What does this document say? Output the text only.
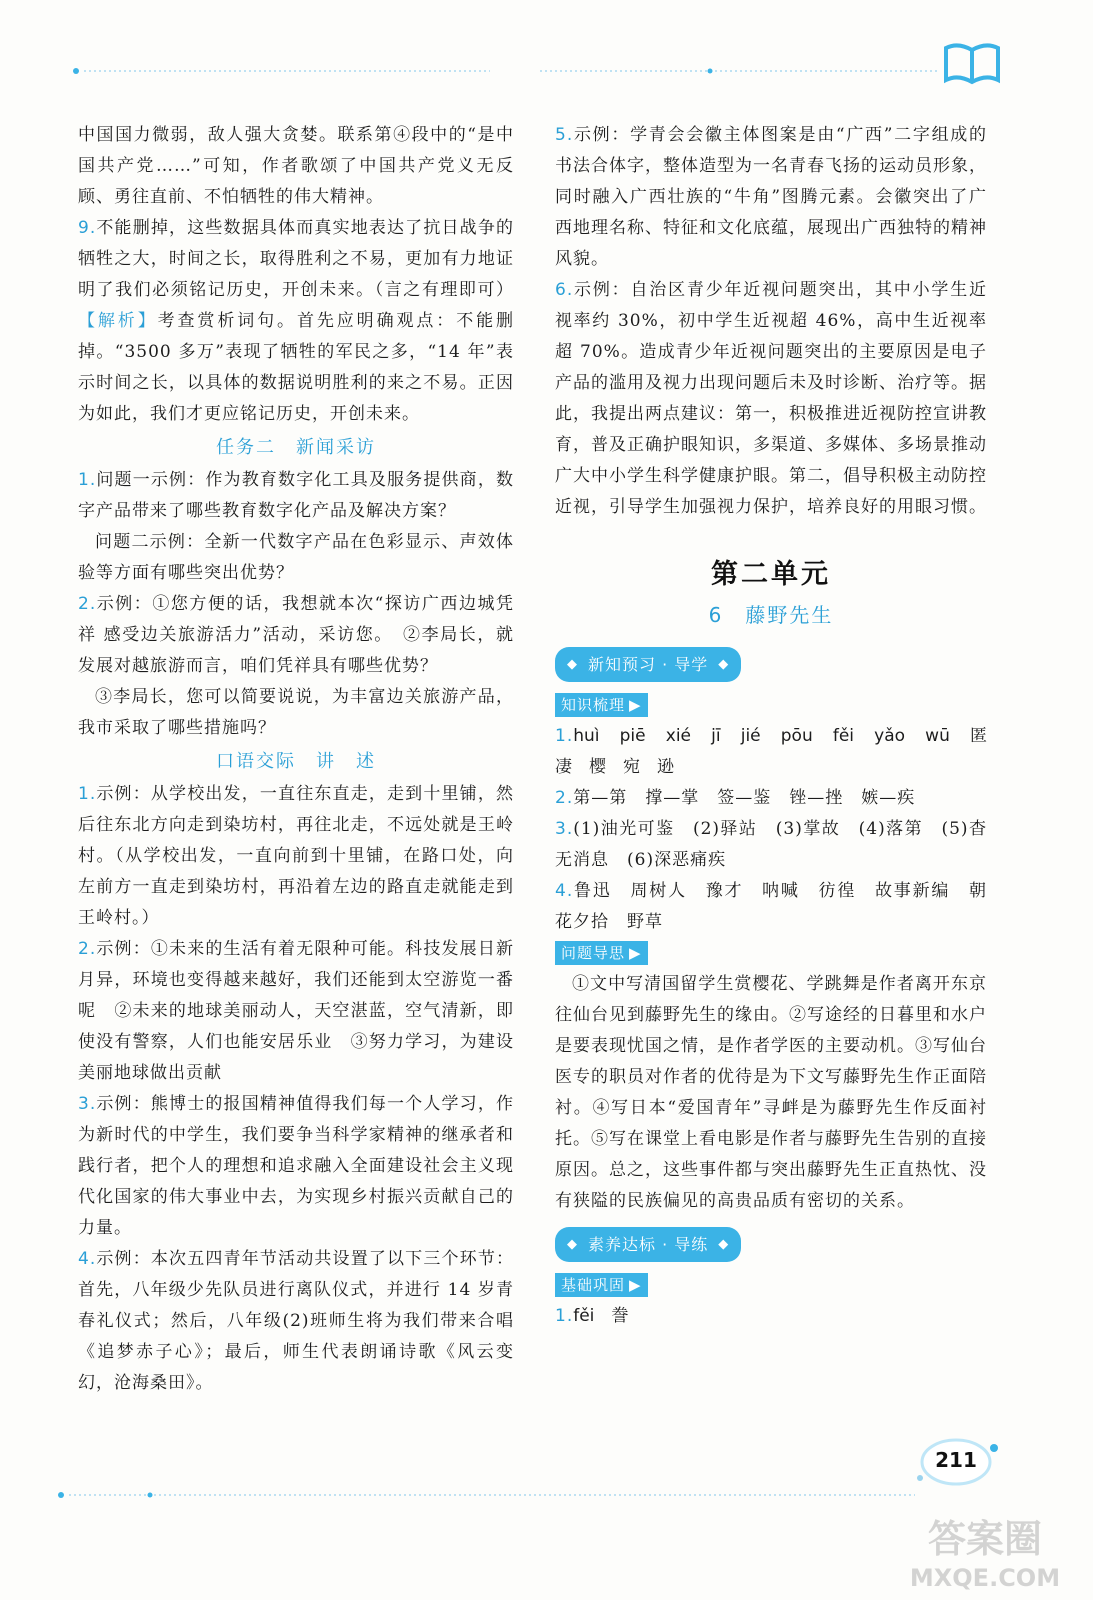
中国国力微弱，敌人强大贪婪。联系第④段中的“是中国共产党……”可知，作者歌颂了中国共产党义无反顾、勇往直前、不怕牺牲的伟大精神。

9.不能删掉，这些数据具体而真实地表达了抗日战争的牺牲之大，时间之长，取得胜利之不易，更加有力地证明了我们必须铭记历史，开创未来。（言之有理即可）【解析】考查赏析词句。首先应明确观点：不能删掉。“3500 多万”表现了牺牲的军民之多，“14 年”表示时间之长，以具体的数据说明胜利的来之不易。正因为如此，我们才更应铭记历史，开创未来。

任务二　新闻采访

1.问题一示例：作为教育数字化工具及服务提供商，数字产品带来了哪些教育数字化产品及解决方案？

问题二示例：全新一代数字产品在色彩显示、声效体验等方面有哪些突出优势？

2.示例：①您方便的话，我想就本次“探访广西边城凭祥 感受边关旅游活力”活动，采访您。　②李局长，就发展对越旅游而言，咱们凭祥具有哪些优势？

③李局长，您可以简要说说，为丰富边关旅游产品，我市采取了哪些措施吗？

口语交际　讲　述

1.示例：从学校出发，一直往东直走，走到十里铺，然后往东北方向走到染坊村，再往北走，不远处就是王岭村。（从学校出发，一直向前到十里铺，在路口处，向左前方一直走到染坊村，再沿着左边的路直走就能走到王岭村。）

2.示例：①未来的生活有着无限种可能。科技发展日新月异，环境也变得越来越好，我们还能到太空游览一番呢　②未来的地球美丽动人，天空湛蓝，空气清新，即使没有警察，人们也能安居乐业　③努力学习，为建设美丽地球做出贡献

3.示例：熊博士的报国精神值得我们每一个人学习，作为新时代的中学生，我们要争当科学家精神的继承者和践行者，把个人的理想和追求融入全面建设社会主义现代化国家的伟大事业中去，为实现乡村振兴贡献自己的力量。

4.示例：本次五四青年节活动共设置了以下三个环节：首先，八年级少先队员进行离队仪式，并进行 14 岁青春礼仪式；然后，八年级(2)班师生将为我们带来合唱《追梦赤子心》；最后，师生代表朗诵诗歌《风云变幻，沧海桑田》。

5.示例：学青会会徽主体图案是由“广西”二字组成的书法合体字，整体造型为一名青春飞扬的运动员形象，同时融入广西壮族的“牛角”图腾元素。会徽突出了广西地理名称、特征和文化底蕴，展现出广西独特的精神风貌。

6.示例：自治区青少年近视问题突出，其中小学生近视率约 30%，初中学生近视超 46%，高中生近视率超 70%。造成青少年近视问题突出的主要原因是电子产品的滥用及视力出现问题后未及时诊断、治疗等。据此，我提出两点建议：第一，积极推进近视防控宣讲教育，普及正确护眼知识，多渠道、多媒体、多场景推动广大中小学生科学健康护眼。第二，倡导积极主动防控近视，引导学生加强视力保护，培养良好的用眼习惯。

第二单元
6　藤野先生
◆ 新知预习 · 导学 ◆
知识梳理 ▶

1.huì　piē　xié　jī　jié　pōu　fěi　yǎo　wū　匿　凄　樱　宛　逊

2.第—第　撑—掌　签—鉴　锉—挫　嫉—疾

3.(1)油光可鉴　(2)驿站　(3)掌故　(4)落第　(5)杳无消息　(6)深恶痛疾

4.鲁迅　周树人　豫才　呐喊　彷徨　故事新编　朝花夕拾　野草

问题导思 ▶

①文中写清国留学生赏樱花、学跳舞是作者离开东京往仙台见到藤野先生的缘由。②写途经的日暮里和水户是要表现忧国之情，是作者学医的主要动机。③写仙台医专的职员对作者的优待是为下文写藤野先生作正面陪衬。④写日本“爱国青年”寻衅是为藤野先生作反面衬托。⑤写在课堂上看电影是作者与藤野先生告别的直接原因。总之，这些事件都与突出藤野先生正直热忱、没有狭隘的民族偏见的高贵品质有密切的关系。

◆ 素养达标 · 导练 ◆
基础巩固 ▶

1.fěi　誊

211
答案圈
MXQE.COM
